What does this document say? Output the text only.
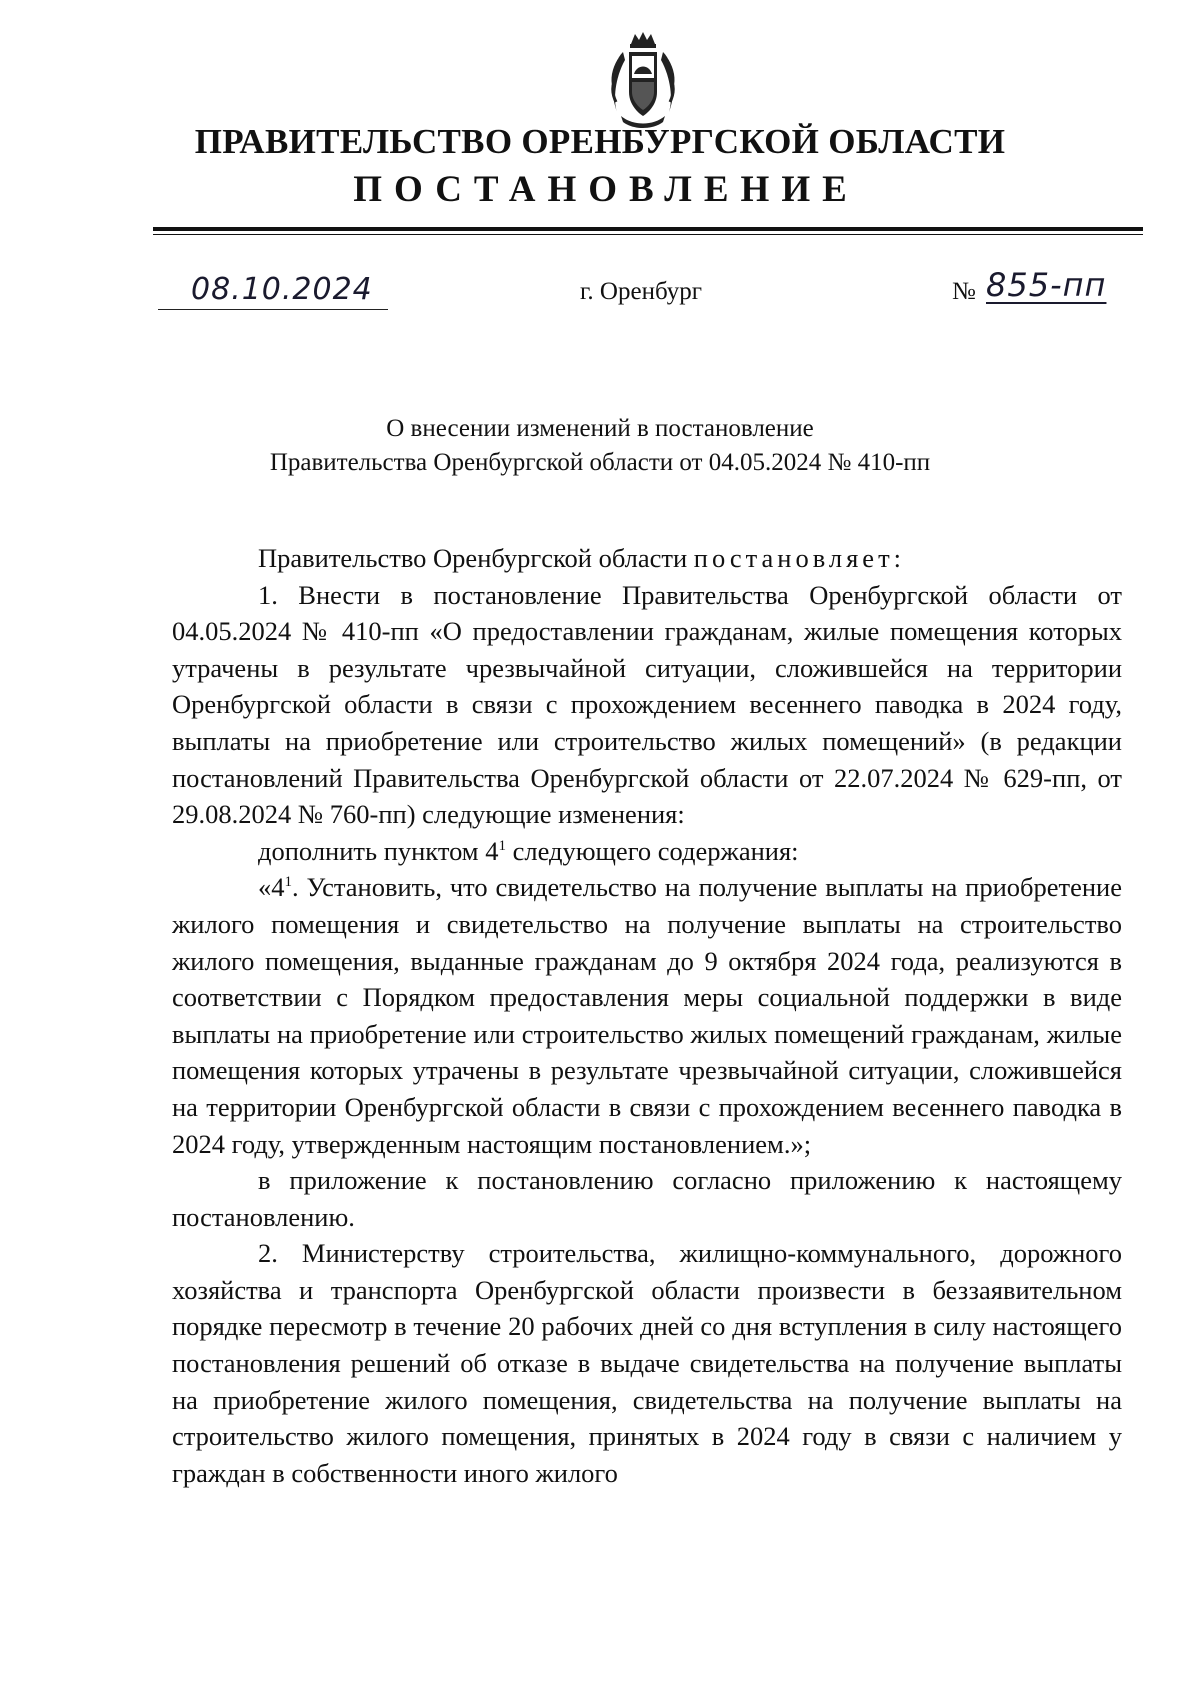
ПРАВИТЕЛЬСТВО ОРЕНБУРГСКОЙ ОБЛАСТИ
ПОСТАНОВЛЕНИЕ
08.10.2024	г. Оренбург	№ 855-пп
О внесении изменений в постановление
Правительства Оренбургской области от 04.05.2024 № 410-пп

Правительство Оренбургской области постановляет:

1. Внести в постановление Правительства Оренбургской области от 04.05.2024 № 410-пп «О предоставлении гражданам, жилые помещения которых утрачены в результате чрезвычайной ситуации, сложившейся на территории Оренбургской области в связи с прохождением весеннего паводка в 2024 году, выплаты на приобретение или строительство жилых помещений» (в редакции постановлений Правительства Оренбургской области от 22.07.2024 № 629-пп, от 29.08.2024 № 760-пп) следующие изменения:

дополнить пунктом $4^1$ следующего содержания:

«$4^1$. Установить, что свидетельство на получение выплаты на приобретение жилого помещения и свидетельство на получение выплаты на строительство жилого помещения, выданные гражданам до 9 октября 2024 года, реализуются в соответствии с Порядком предоставления меры социальной поддержки в виде выплаты на приобретение или строительство жилых помещений гражданам, жилые помещения которых утрачены в результате чрезвычайной ситуации, сложившейся на территории Оренбургской области в связи с прохождением весеннего паводка в 2024 году, утвержденным настоящим постановлением.»;

в приложение к постановлению согласно приложению к настоящему постановлению.

2. Министерству строительства, жилищно-коммунального, дорожного хозяйства и транспорта Оренбургской области произвести в беззаявительном порядке пересмотр в течение 20 рабочих дней со дня вступления в силу настоящего постановления решений об отказе в выдаче свидетельства на получение выплаты на приобретение жилого помещения, свидетельства на получение выплаты на строительство жилого помещения, принятых в 2024 году в связи с наличием у граждан в собственности иного жилого
